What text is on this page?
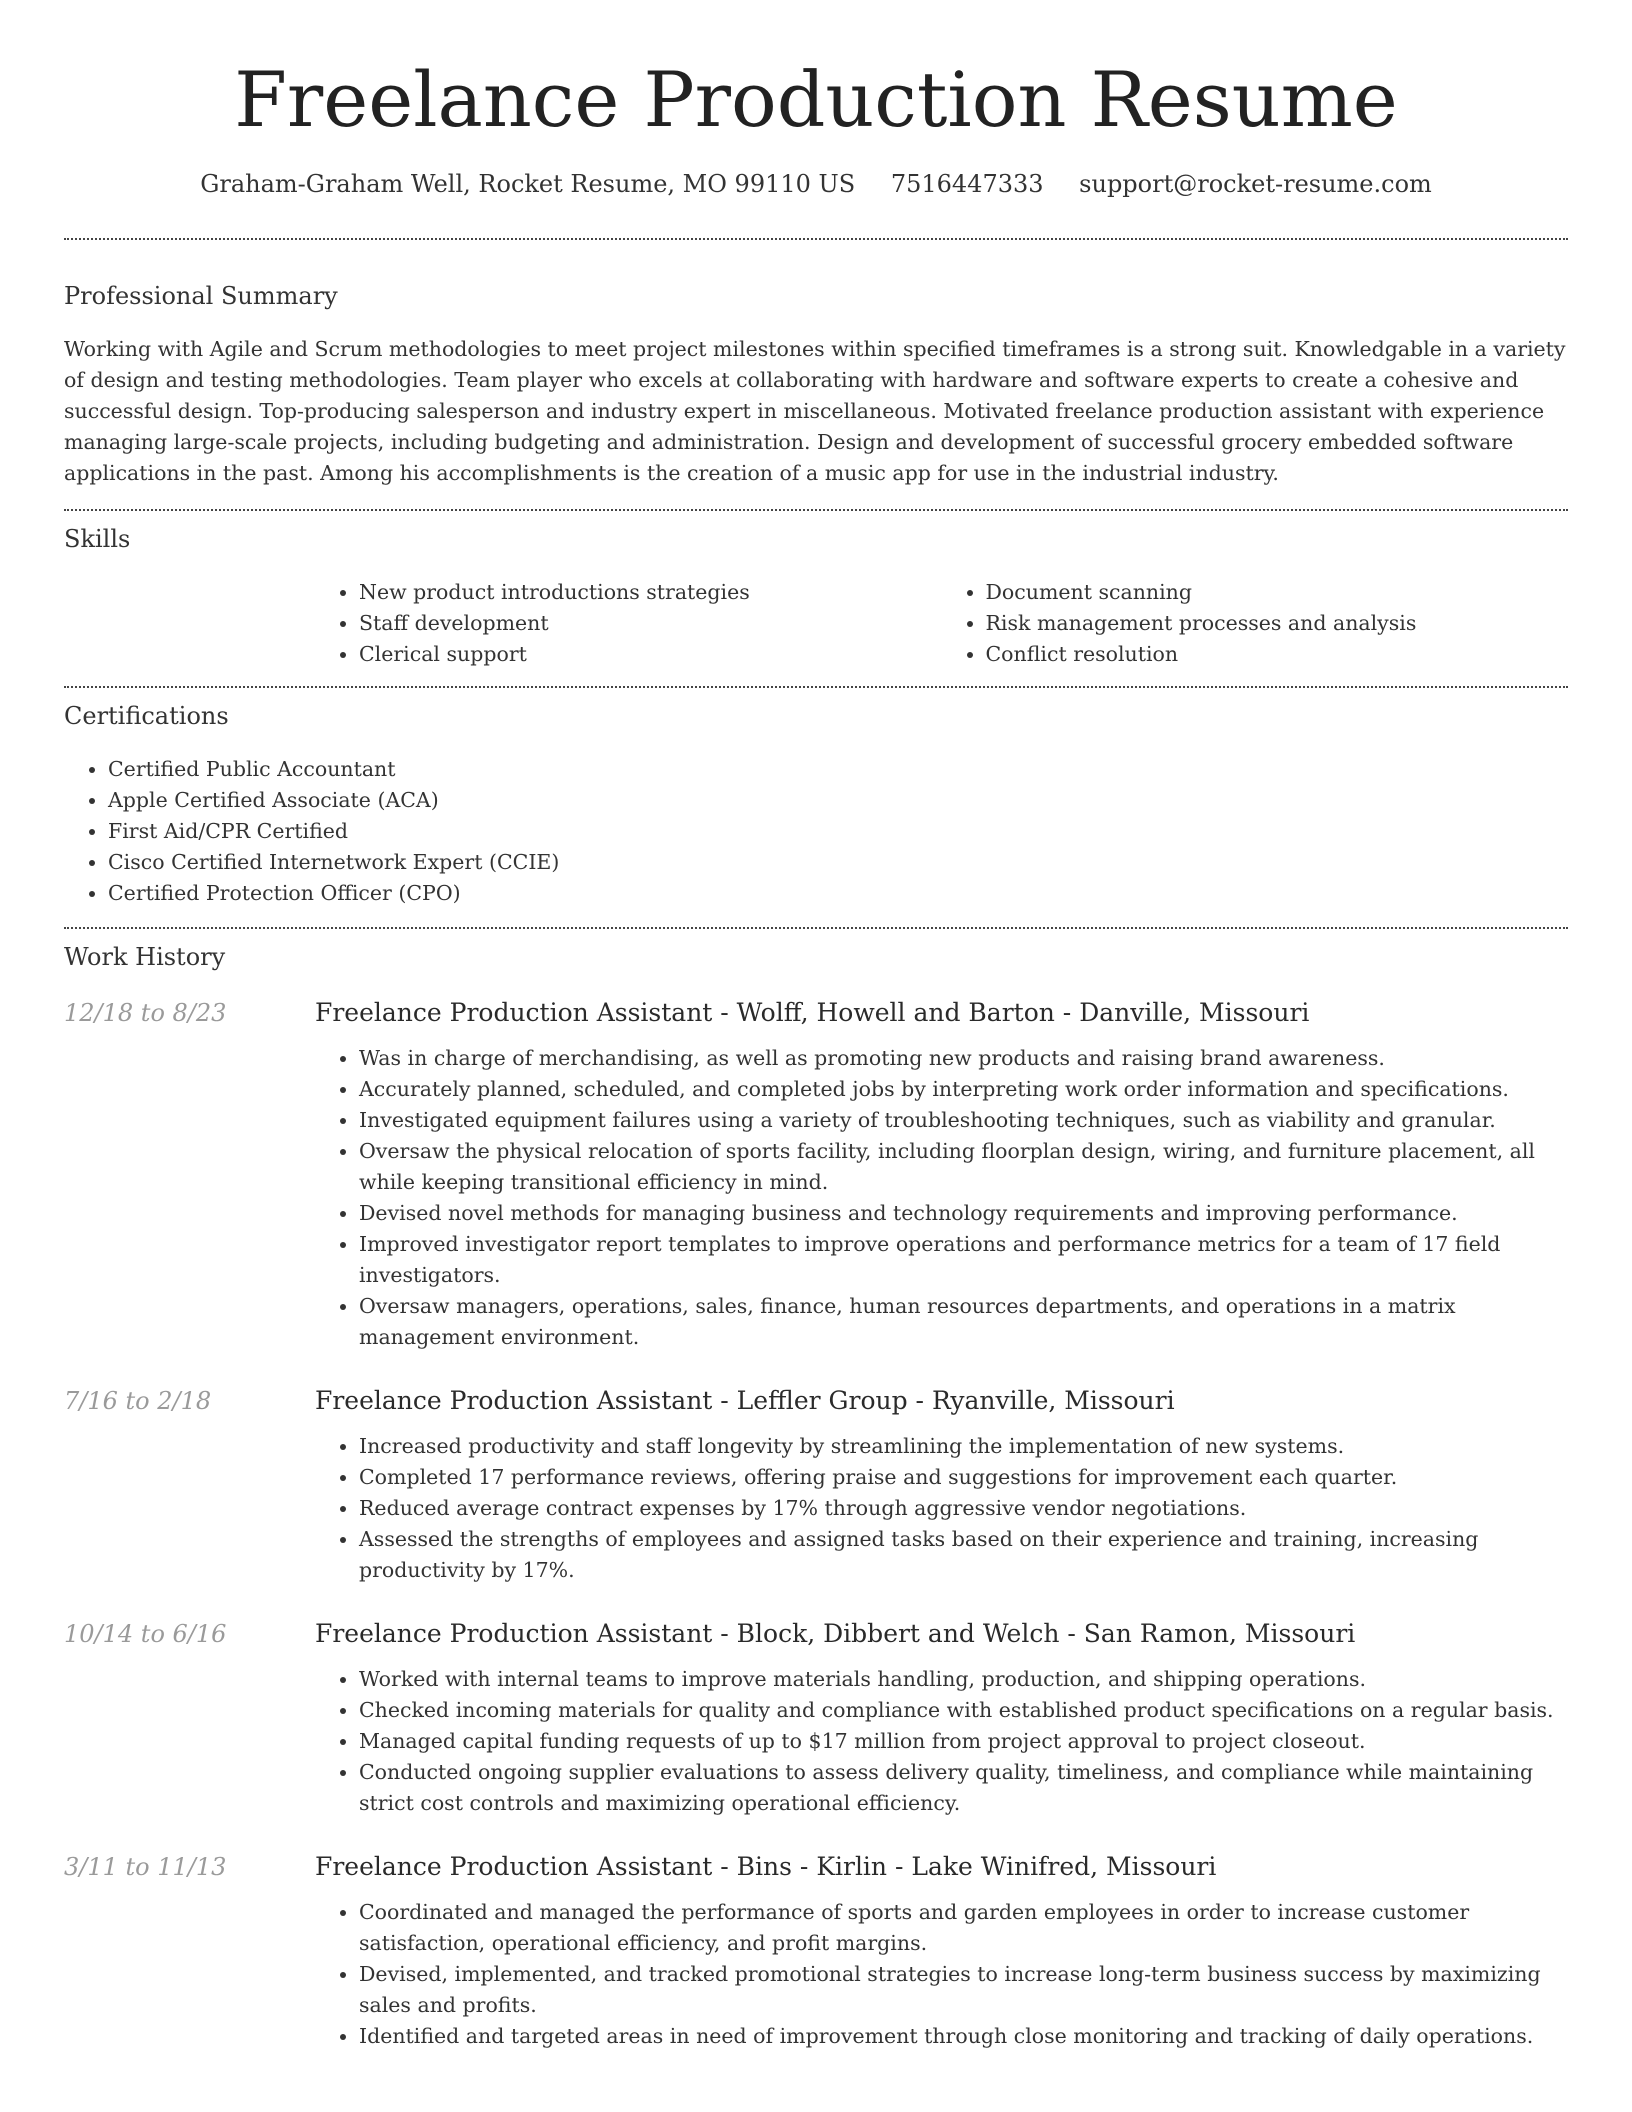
Freelance Production Resume
Graham-Graham Well, Rocket Resume, MO 99110 US 7516447333 support@rocket-resume.com
Professional Summary

Working with Agile and Scrum methodologies to meet project milestones within specified timeframes is a strong suit. Knowledgable in a variety of design and testing methodologies. Team player who excels at collaborating with hardware and software experts to create a cohesive and successful design. Top-producing salesperson and industry expert in miscellaneous. Motivated freelance production assistant with experience managing large-scale projects, including budgeting and administration. Design and development of successful grocery embedded software applications in the past. Among his accomplishments is the creation of a music app for use in the industrial industry.

Skills
• New product introductions strategies
• Staff development
• Clerical support
• Document scanning
• Risk management processes and analysis
• Conflict resolution
Certifications
• Certified Public Accountant
• Apple Certified Associate (ACA)
• First Aid/CPR Certified
• Cisco Certified Internetwork Expert (CCIE)
• Certified Protection Officer (CPO)
Work History
12/18 to 8/23	Freelance Production Assistant - Wolff, Howell and Barton - Danville, Missouri
• Was in charge of merchandising, as well as promoting new products and raising brand awareness.
• Accurately planned, scheduled, and completed jobs by interpreting work order information and specifications.
• Investigated equipment failures using a variety of troubleshooting techniques, such as viability and granular.
• Oversaw the physical relocation of sports facility, including floorplan design, wiring, and furniture placement, all while keeping transitional efficiency in mind.
• Devised novel methods for managing business and technology requirements and improving performance.
• Improved investigator report templates to improve operations and performance metrics for a team of 17 field investigators.
• Oversaw managers, operations, sales, finance, human resources departments, and operations in a matrix management environment.
7/16 to 2/18	Freelance Production Assistant - Leffler Group - Ryanville, Missouri
• Increased productivity and staff longevity by streamlining the implementation of new systems.
• Completed 17 performance reviews, offering praise and suggestions for improvement each quarter.
• Reduced average contract expenses by 17% through aggressive vendor negotiations.
• Assessed the strengths of employees and assigned tasks based on their experience and training, increasing productivity by 17%.
10/14 to 6/16	Freelance Production Assistant - Block, Dibbert and Welch - San Ramon, Missouri
• Worked with internal teams to improve materials handling, production, and shipping operations.
• Checked incoming materials for quality and compliance with established product specifications on a regular basis.
• Managed capital funding requests of up to $17 million from project approval to project closeout.
• Conducted ongoing supplier evaluations to assess delivery quality, timeliness, and compliance while maintaining strict cost controls and maximizing operational efficiency.
3/11 to 11/13	Freelance Production Assistant - Bins - Kirlin - Lake Winifred, Missouri
• Coordinated and managed the performance of sports and garden employees in order to increase customer satisfaction, operational efficiency, and profit margins.
• Devised, implemented, and tracked promotional strategies to increase long-term business success by maximizing sales and profits.
• Identified and targeted areas in need of improvement through close monitoring and tracking of daily operations.
